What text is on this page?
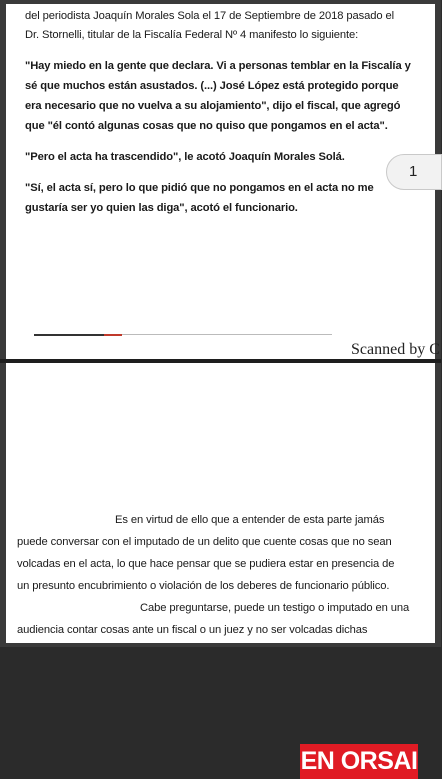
del periodista Joaquín Morales Sola el 17 de Septiembre de 2018 pasado el
Dr. Stornelli, titular de la Fiscalía Federal Nº 4 manifesto lo siguiente:
"Hay miedo en la gente que declara. Vi a personas temblar en la Fiscalía y
sé que muchos están asustados. (...) José López está protegido porque
era necesario que no vuelva a su alojamiento", dijo el fiscal, que agregó
que "él contó algunas cosas que no quiso que pongamos en el acta".
"Pero el acta ha trascendido", le acotó Joaquín Morales Solá.
"Sí, el acta sí, pero lo que pidió que no pongamos en el acta no me
gustaría ser yo quien las diga", acotó el funcionario.
Scanned by C
EN ORSAI
Es en virtud de ello que a entender de esta parte jamás
puede conversar con el imputado de un delito que cuente cosas que no sean
volcadas en el acta, lo que hace pensar que se pudiera estar en presencia de
un presunto encubrimiento o violación de los deberes de funcionario público.
Cabe preguntarse, puede un testigo o imputado en una
audiencia contar cosas ante un fiscal o un juez y no ser volcadas dichas
1
